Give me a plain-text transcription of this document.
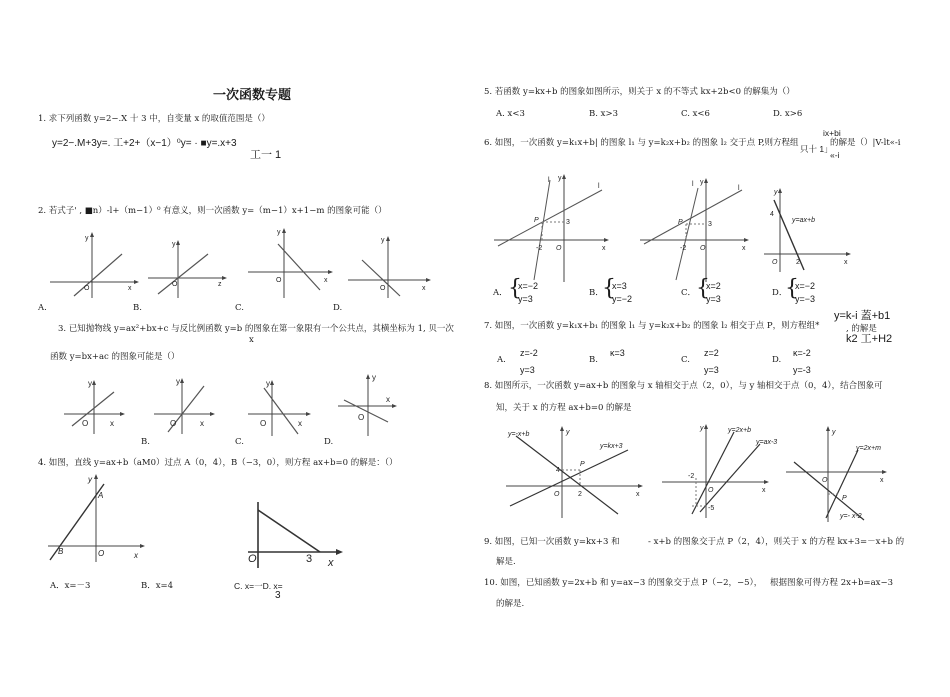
一次函数专题
1. 求下列函数 y=2−.X 十 3 中，自变量 x 的取值范围是（）
y=2−.M+3y=. 工+2+（x−1）⁰y= · ■y=.x+3
工一 1
2. 若式子' , ■n）-l+（m−1）⁰ 有意义，则一次函数 y=（m−1）x+1−m 的图象可能（）
y
O	x
y
O	z
y
O	x
y
O	x
A.	B.	C.	D.
3. 已知抛物线 y=ax²+bx+c 与反比例函数 y=b 的图象在第一象限有一个公共点，其横坐标为 1, 贝一次
x
函数 y=bx+ac 的图象可能是（）
y
O	x
y
O	x
y
O	x
y
O
x
B.	C.	D.
4. 如图，直线 y=ax+b（aM0）过点 A（0，4），B（−3，0），则方程 ax+b=0 的解是：（）
y
A
B	O	x	O	3 x
A．x=－3	B．x=4	C. x=一D. x=
3
5. 若函数 y=kx+b 的图象如图所示，则关于 x 的不等式 kx+2b<0 的解集为（）
A. x<3	B. x>3	C. x<6	D. x>6
6. 如图，一次函数 y=k₁x+b| 的图象 l₁ 与 y=k₂x+b₂ 的图象 l₂ 交于点 P,则方程组
ix+bi
只十 1」
的解是（）|V-lt«-i
«-i
y
l
l
P	3
-2 O	x
y
l
l
P	3
-2 O	x
y
4
y=ax+b
O	2	x
A． {
x=−2
y=3
B．
{
x=3
y=−2
C． {
x=2
y=3
D．
{
x=−2
y=−3
7. 如图，一次函数 y=k₁x+b₁ 的图象 l₁ 与 y=k₂x+b₂ 的图象 l₂ 相交于点 P，则方程组*
y=k-i 蓋+b1
, 的解是
k2 工+H2
A.
z=-2
y=3
B.
κ=3
C.
z=2
y=3
D.
κ=-2
y=-3
8. 如图所示，一次函数 y=ax+b 的图象与 x 轴相交于点（2，0），与 y 轴相交于点（0，4），结合图象可
知，关于 x 的方程 ax+b=0 的解是
y=-x+b	y
y=kx+3
P
4
O	2	x
y	y=2x+b
y=ax-3
-2
O
-5
x
y
y=2x+m
O	x
P
y=- x-2
9. 如图，已知一次函数 y=kx+3 和	- x+b 的图象交于点 P（2，4），则关于 x 的方程 kx+3=－x+b 的
解是.
10. 如图，已知函数 y=2x+b 和 y=ax−3 的图象交于点 P（−2，−5）， 根据图象可得方程 2x+b=ax−3
的解是.
